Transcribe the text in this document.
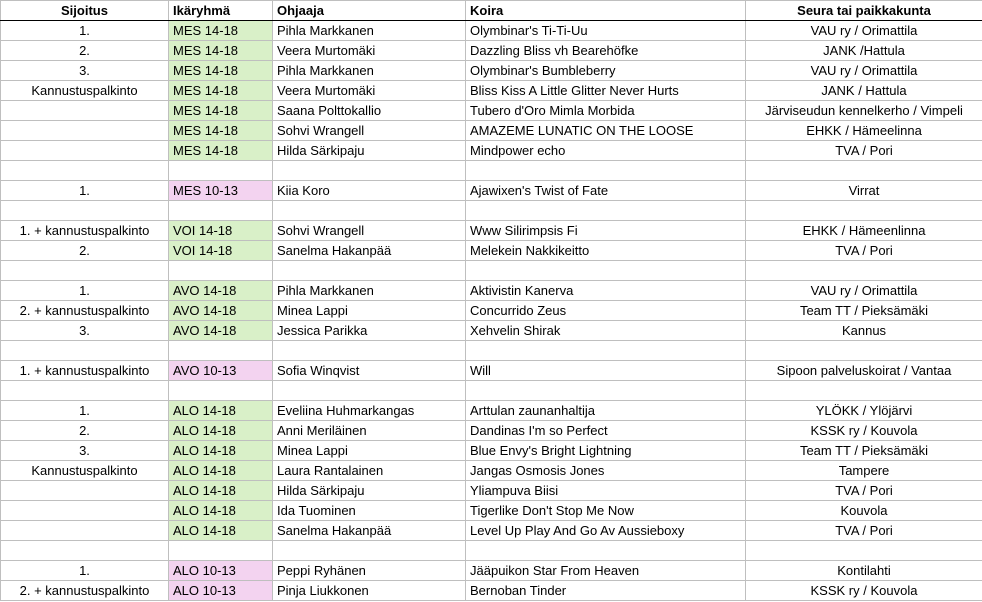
Sijoitus	Ikäryhmä	Ohjaaja	Koira	Seura tai paikkakunta
1.	MES 14-18	Pihla Markkanen	Olymbinar's Ti-Ti-Uu	VAU ry / Orimattila
2.	MES 14-18	Veera Murtomäki	Dazzling Bliss vh Bearehöfke	JANK /Hattula
3.	MES 14-18	Pihla Markkanen	Olymbinar's Bumbleberry	VAU ry / Orimattila
Kannustuspalkinto	MES 14-18	Veera Murtomäki	Bliss Kiss A Little Glitter Never Hurts	JANK / Hattula
	MES 14-18	Saana Polttokallio	Tubero d'Oro Mimla Morbida	Järviseudun kennelkerho / Vimpeli
	MES 14-18	Sohvi Wrangell	AMAZEME LUNATIC ON THE LOOSE	EHKK / Hämeelinna
	MES 14-18	Hilda Särkipaju	Mindpower echo	TVA / Pori

1.	MES 10-13	Kiia Koro	Ajawixen's Twist of Fate	Virrat

1. + kannustuspalkinto	VOI 14-18	Sohvi Wrangell	Www Silirimpsis Fi	EHKK / Hämeenlinna
2.	VOI 14-18	Sanelma Hakanpää	Melekein Nakkikeitto	TVA / Pori

1.	AVO 14-18	Pihla Markkanen	Aktivistin Kanerva	VAU ry / Orimattila
2. + kannustuspalkinto	AVO 14-18	Minea Lappi	Concurrido Zeus	Team TT / Pieksämäki
3.	AVO 14-18	Jessica Parikka	Xehvelin Shirak	Kannus

1. + kannustuspalkinto	AVO 10-13	Sofia Winqvist	Will	Sipoon palveluskoirat / Vantaa

1.	ALO 14-18	Eveliina Huhmarkangas	Arttulan zaunanhaltija	YLÖKK / Ylöjärvi
2.	ALO 14-18	Anni Meriläinen	Dandinas I'm so Perfect	KSSK ry / Kouvola
3.	ALO 14-18	Minea Lappi	Blue Envy's Bright Lightning	Team TT / Pieksämäki
Kannustuspalkinto	ALO 14-18	Laura Rantalainen	Jangas Osmosis Jones	Tampere
	ALO 14-18	Hilda Särkipaju	Yliampuva Biisi	TVA / Pori
	ALO 14-18	Ida Tuominen	Tigerlike Don't Stop Me Now	Kouvola
	ALO 14-18	Sanelma Hakanpää	Level Up Play And Go Av Aussieboxy	TVA / Pori

1.	ALO 10-13	Peppi Ryhänen	Jääpuikon Star From Heaven	Kontilahti
2. + kannustuspalkinto	ALO 10-13	Pinja Liukkonen	Bernoban Tinder	KSSK ry / Kouvola
